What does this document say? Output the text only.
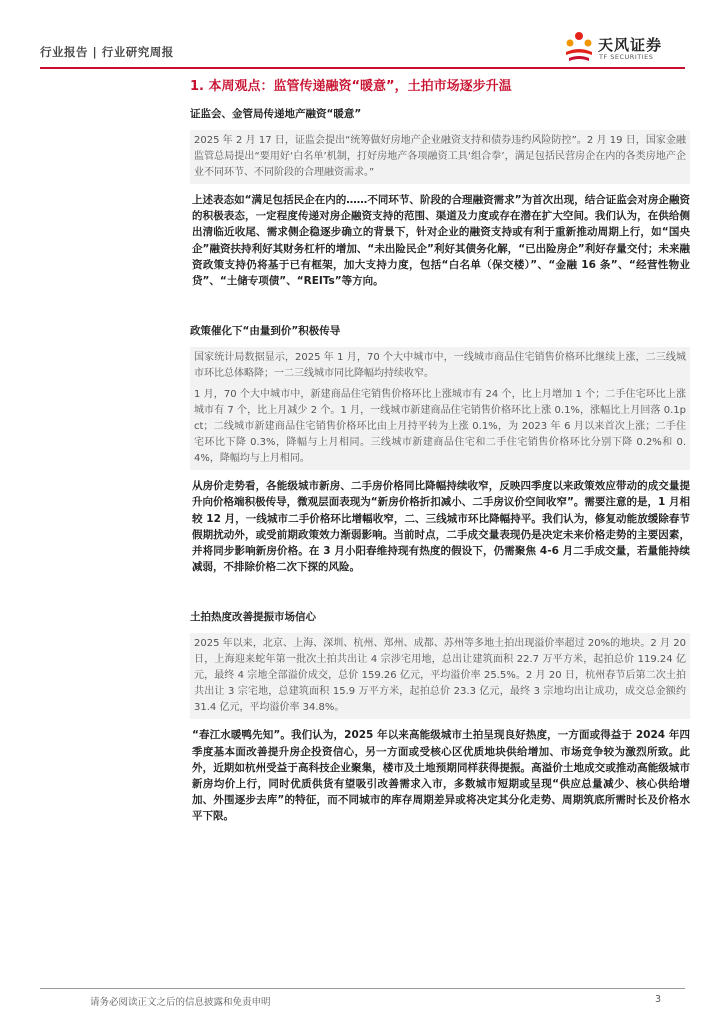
行业报告 | 行业研究周报	天风证券
TF SECURITIES
1. 本周观点：监管传递融资“暖意”，土拍市场逐步升温
证监会、金管局传递地产融资“暖意”

2025 年 2 月 17 日，证监会提出“统筹做好房地产企业融资支持和债券违约风险防控”。2 月 19 日，国家金融监管总局提出“要用好‘白名单’机制，打好房地产各项融资工具‘组合拳’，满足包括民营房企在内的各类房地产企业不同环节、不同阶段的合理融资需求。”

上述表态如“满足包括民企在内的……不同环节、阶段的合理融资需求”为首次出现，结合证监会对房企融资的积极表态，一定程度传递对房企融资支持的范围、渠道及力度或存在潜在扩大空间。我们认为，在供给侧出清临近收尾、需求侧企稳逐步确立的背景下，针对企业的融资支持或有利于重新推动周期上行，如“国央企”融资扶持利好其财务杠杆的增加、“未出险民企”利好其债务化解，“已出险房企”利好存量交付；未来融资政策支持仍将基于已有框架，加大支持力度，包括“白名单（保交楼）”、“金融 16 条”、“经营性物业贷”、“土储专项债”、“REITs”等方向。
政策催化下“由量到价”积极传导

国家统计局数据显示，2025 年 1 月，70 个大中城市中，一线城市商品住宅销售价格环比继续上涨，二三线城市环比总体略降；一二三线城市同比降幅均持续收窄。

1 月，70 个大中城市中，新建商品住宅销售价格环比上涨城市有 24 个，比上月增加 1 个；二手住宅环比上涨城市有 7 个，比上月减少 2 个。1 月，一线城市新建商品住宅销售价格环比上涨 0.1%，涨幅比上月回落 0.1pct；二线城市新建商品住宅销售价格环比由上月持平转为上涨 0.1%，为 2023 年 6 月以来首次上涨；二手住宅环比下降 0.3%，降幅与上月相同。三线城市新建商品住宅和二手住宅销售价格环比分别下降 0.2%和 0.4%，降幅均与上月相同。

从房价走势看，各能级城市新房、二手房价格同比降幅持续收窄，反映四季度以来政策效应带动的成交量提升向价格端积极传导，微观层面表现为“新房价格折扣减小、二手房议价空间收窄”。需要注意的是，1 月相较 12 月，一线城市二手价格环比增幅收窄，二、三线城市环比降幅持平。我们认为，修复动能放缓除春节假期扰动外，或受前期政策效力渐弱影响。当前时点，二手成交量表现仍是决定未来价格走势的主要因素，并将同步影响新房价格。在 3 月小阳春维持现有热度的假设下，仍需聚焦 4-6 月二手成交量，若量能持续减弱，不排除价格二次下探的风险。
土拍热度改善提振市场信心

2025 年以来，北京、上海、深圳、杭州、郑州、成都、苏州等多地土拍出现溢价率超过 20%的地块。2 月 20 日，上海迎来蛇年第一批次土拍共出让 4 宗涉宅用地，总出让建筑面积 22.7 万平方米，起拍总价 119.24 亿元，最终 4 宗地全部溢价成交，总价 159.26 亿元，平均溢价率 25.5%。2 月 20 日，杭州春节后第二次土拍共出让 3 宗宅地，总建筑面积 15.9 万平方米，起拍总价 23.3 亿元，最终 3 宗地均出让成功，成交总金额约 31.4 亿元，平均溢价率 34.8%。

“春江水暖鸭先知”。我们认为，2025 年以来高能级城市土拍呈现良好热度，一方面或得益于 2024 年四季度基本面改善提升房企投资信心，另一方面或受核心区优质地块供给增加、市场竞争较为激烈所致。此外，近期如杭州受益于高科技企业聚集，楼市及土地预期同样获得提振。高溢价土地成交或推动高能级城市新房均价上行，同时优质供货有望吸引改善需求入市，多数城市短期或呈现“供应总量减少、核心供给增加、外围逐步去库”的特征，而不同城市的库存周期差异或将决定其分化走势、周期筑底所需时长及价格水平下限。
请务必阅读正文之后的信息披露和免责申明	3
